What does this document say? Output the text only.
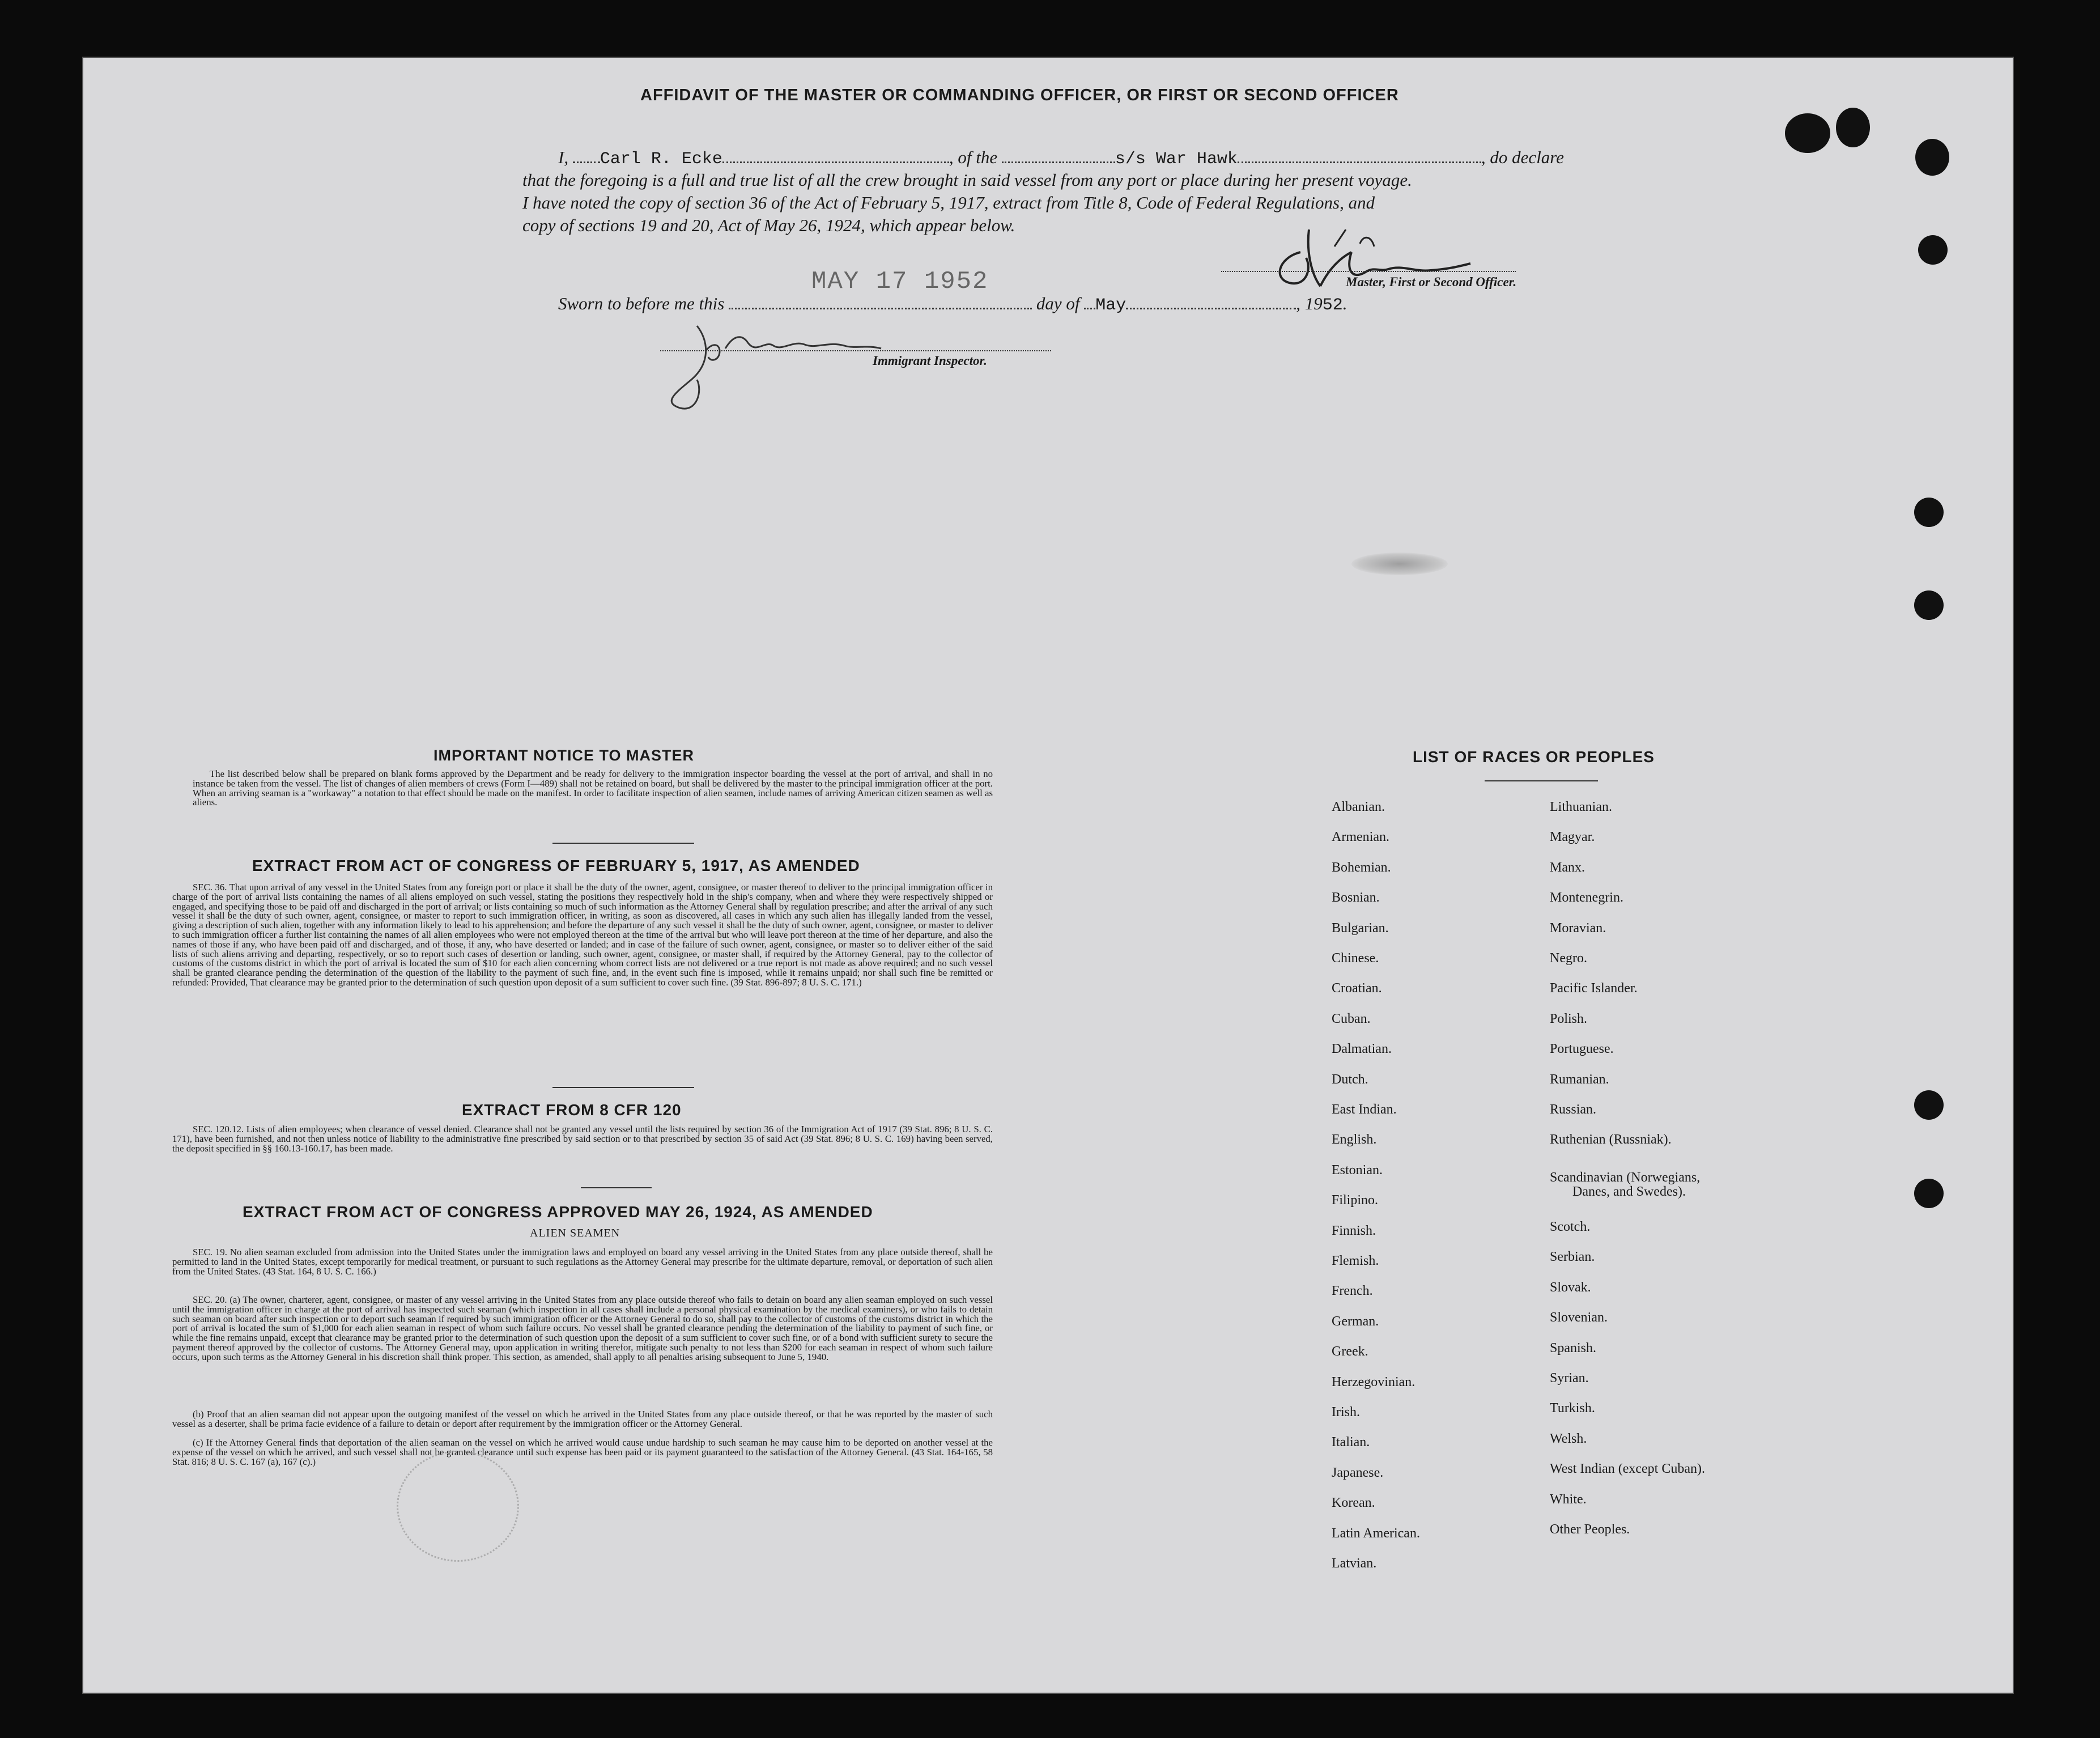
AFFIDAVIT OF THE MASTER OR COMMANDING OFFICER, OR FIRST OR SECOND OFFICER
I, Carl R. Ecke	, of the	s/s War Hawk	, do declare
that the foregoing is a full and true list of all the crew brought in said vessel from any port or place during her present voyage.
I have noted the copy of section 36 of the Act of February 5, 1917, extract from Title 8, Code of Federal Regulations, and
copy of sections 19 and 20, Act of May 26, 1924, which appear below.
Master, First or Second Officer.
MAY 17 1952
Sworn to before me this	day of May	, 1952.
Immigrant Inspector.
IMPORTANT NOTICE TO MASTER

The list described below shall be prepared on blank forms approved by the Department and be ready for delivery to the immigration inspector boarding the vessel at the port of arrival, and shall in no instance be taken from the vessel. The list of changes of alien members of crews (Form I—489) shall not be retained on board, but shall be delivered by the master to the principal immigration officer at the port. When an arriving seaman is a "workaway" a notation to that effect should be made on the manifest. In order to facilitate inspection of alien seamen, include names of arriving American citizen seamen as well as aliens.

EXTRACT FROM ACT OF CONGRESS OF FEBRUARY 5, 1917, AS AMENDED

SEC. 36. That upon arrival of any vessel in the United States from any foreign port or place it shall be the duty of the owner, agent, consignee, or master thereof to deliver to the principal immigration officer in charge of the port of arrival lists containing the names of all aliens employed on such vessel, stating the positions they respectively hold in the ship's company, when and where they were respectively shipped or engaged, and specifying those to be paid off and discharged in the port of arrival; or lists containing so much of such information as the Attorney General shall by regulation prescribe; and after the arrival of any such vessel it shall be the duty of such owner, agent, consignee, or master to report to such immigration officer, in writing, as soon as discovered, all cases in which any such alien has illegally landed from the vessel, giving a description of such alien, together with any information likely to lead to his apprehension; and before the departure of any such vessel it shall be the duty of such owner, agent, consignee, or master to deliver to such immigration officer a further list containing the names of all alien employees who were not employed thereon at the time of the arrival but who will leave port thereon at the time of her departure, and also the names of those if any, who have been paid off and discharged, and of those, if any, who have deserted or landed; and in case of the failure of such owner, agent, consignee, or master so to deliver either of the said lists of such aliens arriving and departing, respectively, or so to report such cases of desertion or landing, such owner, agent, consignee, or master shall, if required by the Attorney General, pay to the collector of customs of the customs district in which the port of arrival is located the sum of $10 for each alien concerning whom correct lists are not delivered or a true report is not made as above required; and no such vessel shall be granted clearance pending the determination of the question of the liability to the payment of such fine, and, in the event such fine is imposed, while it remains unpaid; nor shall such fine be remitted or refunded: Provided, That clearance may be granted prior to the determination of such question upon deposit of a sum sufficient to cover such fine. (39 Stat. 896-897; 8 U. S. C. 171.)

EXTRACT FROM 8 CFR 120

SEC. 120.12. Lists of alien employees; when clearance of vessel denied. Clearance shall not be granted any vessel until the lists required by section 36 of the Immigration Act of 1917 (39 Stat. 896; 8 U. S. C. 171), have been furnished, and not then unless notice of liability to the administrative fine prescribed by said section or to that prescribed by section 35 of said Act (39 Stat. 896; 8 U. S. C. 169) having been served, the deposit specified in §§ 160.13-160.17, has been made.

EXTRACT FROM ACT OF CONGRESS APPROVED MAY 26, 1924, AS AMENDED
ALIEN SEAMEN

SEC. 19. No alien seaman excluded from admission into the United States under the immigration laws and employed on board any vessel arriving in the United States from any place outside thereof, shall be permitted to land in the United States, except temporarily for medical treatment, or pursuant to such regulations as the Attorney General may prescribe for the ultimate departure, removal, or deportation of such alien from the United States. (43 Stat. 164, 8 U. S. C. 166.)

SEC. 20. (a) The owner, charterer, agent, consignee, or master of any vessel arriving in the United States from any place outside thereof who fails to detain on board any alien seaman employed on such vessel until the immigration officer in charge at the port of arrival has inspected such seaman (which inspection in all cases shall include a personal physical examination by the medical examiners), or who fails to detain such seaman on board after such inspection or to deport such seaman if required by such immigration officer or the Attorney General to do so, shall pay to the collector of customs of the customs district in which the port of arrival is located the sum of $1,000 for each alien seaman in respect of whom such failure occurs. No vessel shall be granted clearance pending the determination of the liability to payment of such fine, or while the fine remains unpaid, except that clearance may be granted prior to the determination of such question upon the deposit of a sum sufficient to cover such fine, or of a bond with sufficient surety to secure the payment thereof approved by the collector of customs. The Attorney General may, upon application in writing therefor, mitigate such penalty to not less than $200 for each seaman in respect of whom such failure occurs, upon such terms as the Attorney General in his discretion shall think proper. This section, as amended, shall apply to all penalties arising subsequent to June 5, 1940.

(b) Proof that an alien seaman did not appear upon the outgoing manifest of the vessel on which he arrived in the United States from any place outside thereof, or that he was reported by the master of such vessel as a deserter, shall be prima facie evidence of a failure to detain or deport after requirement by the immigration officer or the Attorney General.

(c) If the Attorney General finds that deportation of the alien seaman on the vessel on which he arrived would cause undue hardship to such seaman he may cause him to be deported on another vessel at the expense of the vessel on which he arrived, and such vessel shall not be granted clearance until such expense has been paid or its payment guaranteed to the satisfaction of the Attorney General. (43 Stat. 164-165, 58 Stat. 816; 8 U. S. C. 167 (a), 167 (c).)

LIST OF RACES OR PEOPLES
Albanian.
Armenian.
Bohemian.
Bosnian.
Bulgarian.
Chinese.
Croatian.
Cuban.
Dalmatian.
Dutch.
East Indian.
English.
Estonian.
Filipino.
Finnish.
Flemish.
French.
German.
Greek.
Herzegovinian.
Irish.
Italian.
Japanese.
Korean.
Latin American.
Latvian.
Lithuanian.
Magyar.
Manx.
Montenegrin.
Moravian.
Negro.
Pacific Islander.
Polish.
Portuguese.
Rumanian.
Russian.
Ruthenian (Russniak).
Scandinavian (Norwegians,
Danes, and Swedes).
Scotch.
Serbian.
Slovak.
Slovenian.
Spanish.
Syrian.
Turkish.
Welsh.
West Indian (except Cuban).
White.
Other Peoples.
